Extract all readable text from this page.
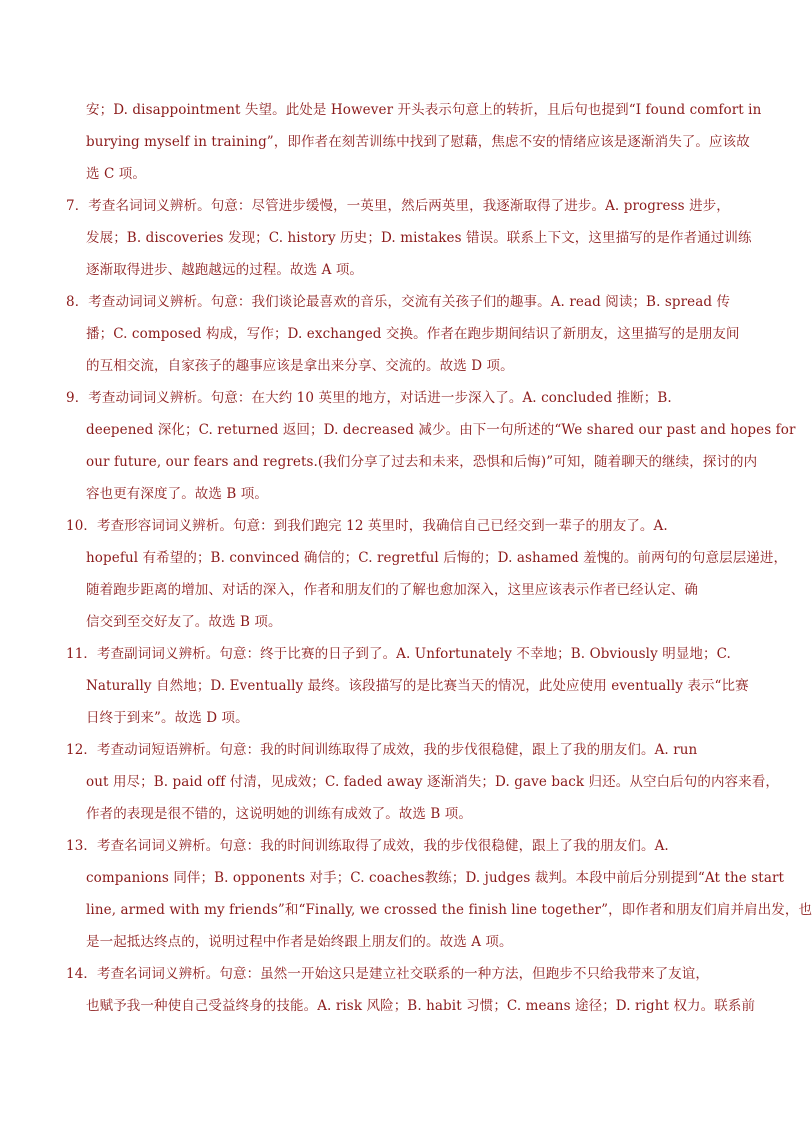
安；D. disappointment 失望。此处是 However 开头表示句意上的转折，且后句也提到“I found comfort in
burying myself in training”，即作者在刻苦训练中找到了慰藉，焦虑不安的情绪应该是逐渐消失了。应该故
选 C 项。
7．考查名词词义辨析。句意：尽管进步缓慢，一英里，然后两英里，我逐渐取得了进步。A. progress 进步，
发展；B. discoveries 发现；C. history 历史；D. mistakes 错误。联系上下文，这里描写的是作者通过训练
逐渐取得进步、越跑越远的过程。故选 A 项。
8．考查动词词义辨析。句意：我们谈论最喜欢的音乐，交流有关孩子们的趣事。A. read 阅读；B. spread 传
播；C. composed 构成，写作；D. exchanged 交换。作者在跑步期间结识了新朋友，这里描写的是朋友间
的互相交流，自家孩子的趣事应该是拿出来分享、交流的。故选 D 项。
9．考查动词词义辨析。句意：在大约 10 英里的地方，对话进一步深入了。A. concluded 推断；B.
deepened 深化；C. returned 返回；D. decreased 减少。由下一句所述的“We shared our past and hopes for
our future, our fears and regrets.(我们分享了过去和未来，恐惧和后悔)”可知，随着聊天的继续，探讨的内
容也更有深度了。故选 B 项。
10．考查形容词词义辨析。句意：到我们跑完 12 英里时，我确信自己已经交到一辈子的朋友了。A.
hopeful 有希望的；B. convinced 确信的；C. regretful 后悔的；D. ashamed 羞愧的。前两句的句意层层递进，
随着跑步距离的增加、对话的深入，作者和朋友们的了解也愈加深入，这里应该表示作者已经认定、确
信交到至交好友了。故选 B 项。
11．考查副词词义辨析。句意：终于比赛的日子到了。A. Unfortunately 不幸地；B. Obviously 明显地；C.
Naturally 自然地；D. Eventually 最终。该段描写的是比赛当天的情况，此处应使用 eventually 表示“比赛
日终于到来”。故选 D 项。
12．考查动词短语辨析。句意：我的时间训练取得了成效，我的步伐很稳健，跟上了我的朋友们。A. run
out 用尽；B. paid off 付清，见成效；C. faded away 逐渐消失；D. gave back 归还。从空白后句的内容来看，
作者的表现是很不错的，这说明她的训练有成效了。故选 B 项。
13．考查名词词义辨析。句意：我的时间训练取得了成效，我的步伐很稳健，跟上了我的朋友们。A.
companions 同伴；B. opponents 对手；C. coaches教练；D. judges 裁判。本段中前后分别提到“At the start
line, armed with my friends”和“Finally, we crossed the finish line together”，即作者和朋友们肩并肩出发，也
是一起抵达终点的，说明过程中作者是始终跟上朋友们的。故选 A 项。
14．考查名词词义辨析。句意：虽然一开始这只是建立社交联系的一种方法，但跑步不只给我带来了友谊，
也赋予我一种使自己受益终身的技能。A. risk 风险；B. habit 习惯；C. means 途径；D. right 权力。联系前
